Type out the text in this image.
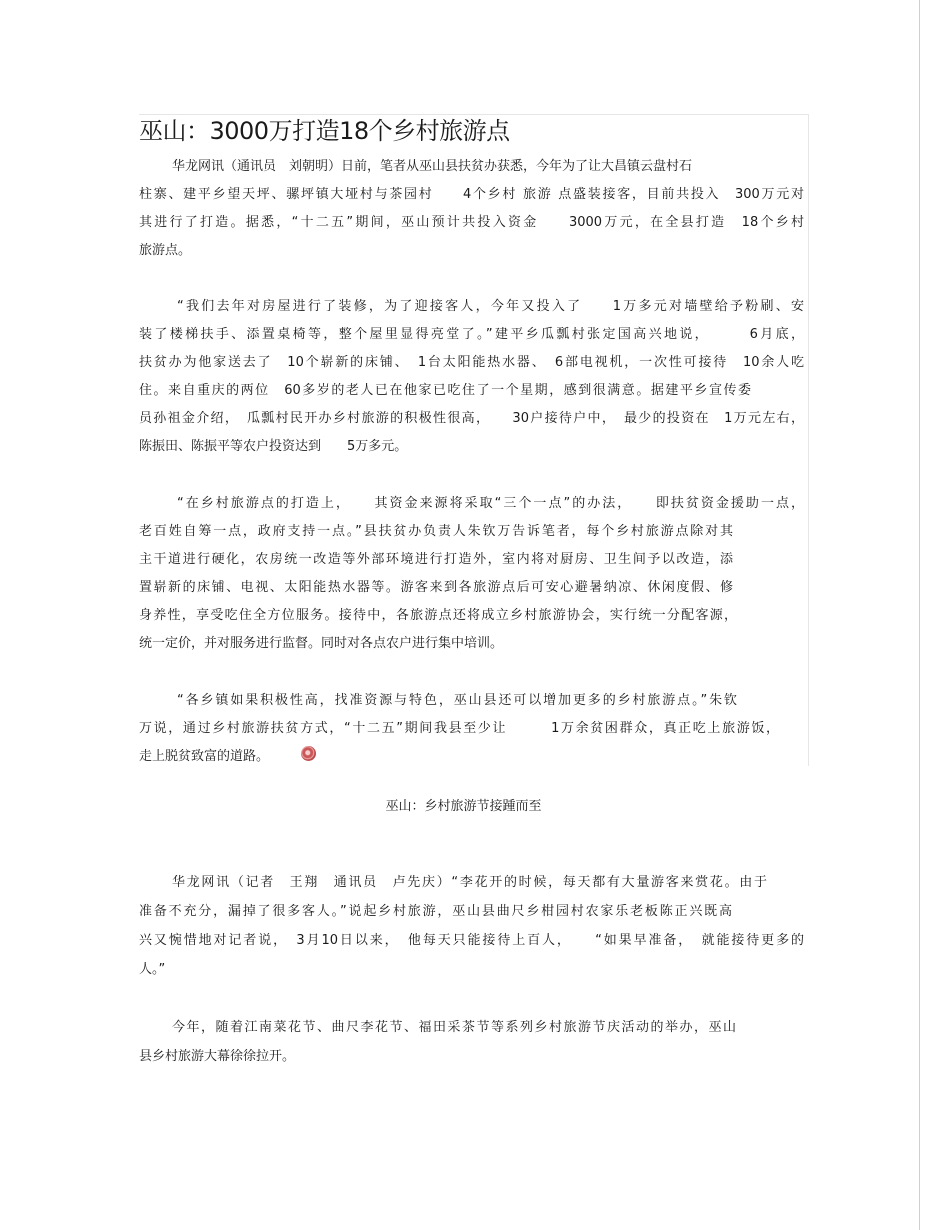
巫山：3000万打造18个乡村旅游点
华龙网讯（通讯员　刘朝明）日前，笔者从巫山县扶贫办获悉，今年为了让大昌镇云盘村石
柱寨、建平乡望天坪、骡坪镇大垭村与茶园村　　4个乡村 旅游 点盛装接客，目前共投入　300万元对
其进行了打造。据悉，“十二五”期间，巫山预计共投入资金　　3000万元，在全县打造　18个乡村
旅游点。
“我们去年对房屋进行了装修，为了迎接客人，今年又投入了　　1万多元对墙壁给予粉刷、安
装了楼梯扶手、添置桌椅等，整个屋里显得亮堂了。”建平乡瓜瓢村张定国高兴地说，　　　6月底，
扶贫办为他家送去了　10个崭新的床铺、　1台太阳能热水器、　6部电视机，一次性可接待　10余人吃
住。来自重庆的两位　60多岁的老人已在他家已吃住了一个星期，感到很满意。据建平乡宣传委
员孙祖金介绍，　瓜瓢村民开办乡村旅游的积极性很高，　　30户接待户中，　最少的投资在　1万元左右，
陈振田、陈振平等农户投资达到　　5万多元。
“在乡村旅游点的打造上，　　其资金来源将采取“三个一点”的办法，　　即扶贫资金援助一点，
老百姓自筹一点，政府支持一点。”县扶贫办负责人朱钦万告诉笔者，每个乡村旅游点除对其
主干道进行硬化，农房统一改造等外部环境进行打造外，室内将对厨房、卫生间予以改造，添
置崭新的床铺、电视、太阳能热水器等。游客来到各旅游点后可安心避暑纳凉、休闲度假、修
身养性，享受吃住全方位服务。接待中，各旅游点还将成立乡村旅游协会，实行统一分配客源，
统一定价，并对服务进行监督。同时对各点农户进行集中培训。
“各乡镇如果积极性高，找准资源与特色，巫山县还可以增加更多的乡村旅游点。”朱钦
万说，通过乡村旅游扶贫方式，“十二五”期间我县至少让　　　1万余贫困群众，真正吃上旅游饭，
走上脱贫致富的道路。
巫山：乡村旅游节接踵而至
华龙网讯（记者　王翔　通讯员　卢先庆）“李花开的时候，每天都有大量游客来赏花。由于
准备不充分，漏掉了很多客人。”说起乡村旅游，巫山县曲尺乡柑园村农家乐老板陈正兴既高
兴又惋惜地对记者说，　3月10日以来，　他每天只能接待上百人，　　“如果早准备，　就能接待更多的
人。”
今年，随着江南菜花节、曲尺李花节、福田采茶节等系列乡村旅游节庆活动的举办，巫山
县乡村旅游大幕徐徐拉开。
